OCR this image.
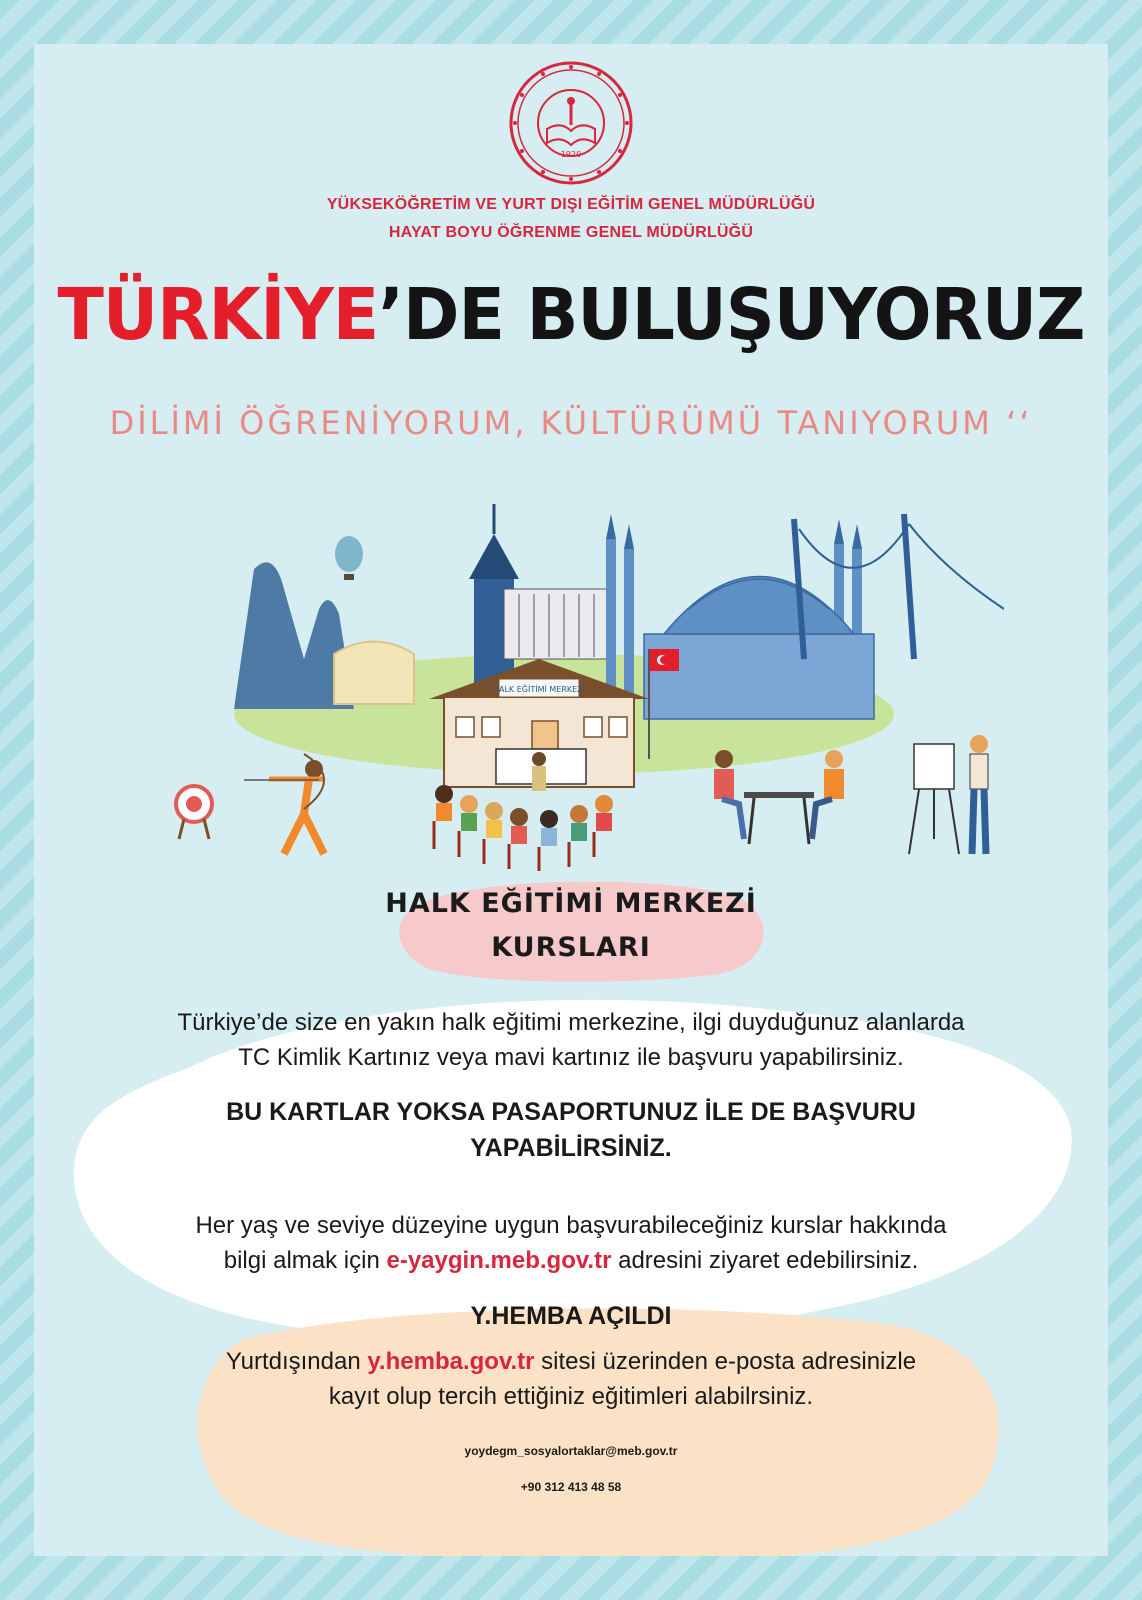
1920
YÜKSEKÖĞRETİM VE YURT DIŞI EĞİTİM GENEL MÜDÜRLÜĞÜ
HAYAT BOYU ÖĞRENME GENEL MÜDÜRLÜĞÜ
TÜRKİYE’DE BULUŞUYORUZ
DİLİMİ ÖĞRENİYORUM, KÜLTÜRÜMÜ TANIYORUM ‘‘
HALK EĞİTİMİ MERKEZİ
HALK EĞİTİMİ MERKEZİ
KURSLARI
Türkiye’de size en yakın halk eğitimi merkezine, ilgi duyduğunuz alanlarda
TC Kimlik Kartınız veya mavi kartınız ile başvuru yapabilirsiniz.
BU KARTLAR YOKSA PASAPORTUNUZ İLE DE BAŞVURU
YAPABİLİRSİNİZ.
Her yaş ve seviye düzeyine uygun başvurabileceğiniz kurslar hakkında
bilgi almak için e-yaygin.meb.gov.tr adresini ziyaret edebilirsiniz.
Y.HEMBA AÇILDI
Yurtdışından y.hemba.gov.tr sitesi üzerinden e-posta adresinizle
kayıt olup tercih ettiğiniz eğitimleri alabilrsiniz.
yoydegm_sosyalortaklar@meb.gov.tr
+90 312 413 48 58
